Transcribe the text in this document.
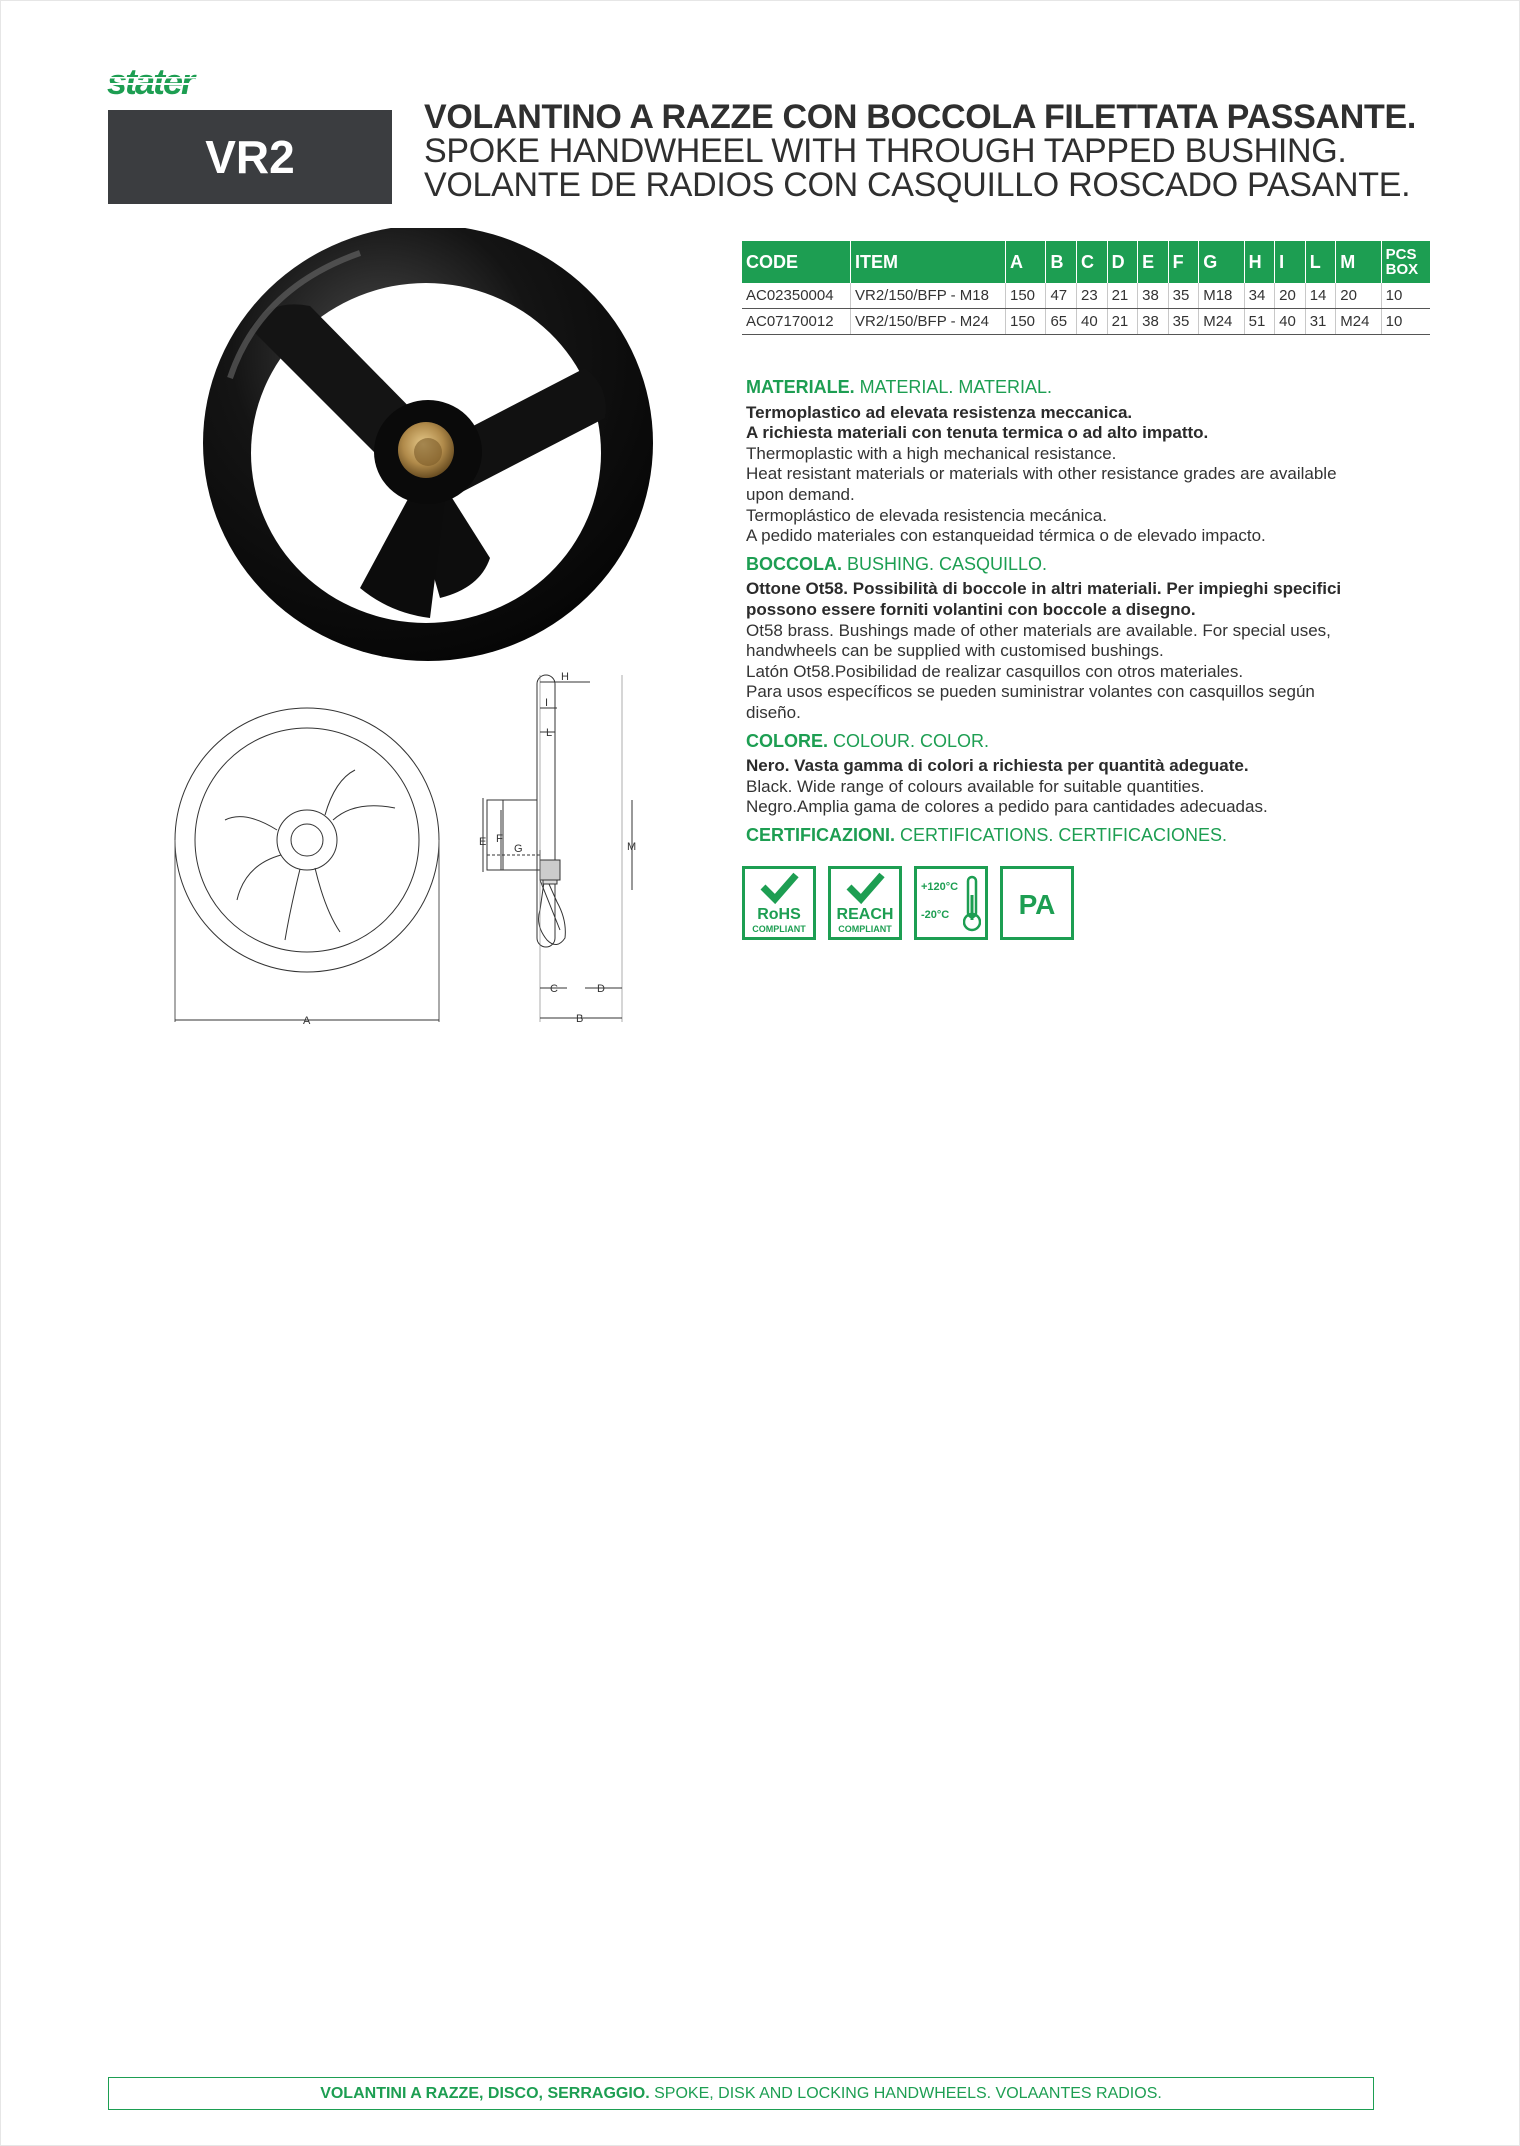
VR2
VOLANTINO A RAZZE CON BOCCOLA FILETTATA PASSANTE.
SPOKE HANDWHEEL WITH THROUGH TAPPED BUSHING.
VOLANTE DE RADIOS CON CASQUILLO ROSCADO PASANTE.
A	B
C	D
E F
G
H
I
L
M
CODE	ITEM	A	B	C	D	E	F	G	H	I	L	M	PCS
BOX
AC02350004	VR2/150/BFP - M18	150	47	23	21	38	35	M18	34	20	14	20	10
AC07170012	VR2/150/BFP - M24	150	65	40	21	38	35	M24	51	40	31	M24	10
MATERIALE. MATERIAL. MATERIAL.
Termoplastico ad elevata resistenza meccanica.
A richiesta materiali con tenuta termica o ad alto impatto.
Thermoplastic with a high mechanical resistance.
Heat resistant materials or materials with other resistance grades are available upon demand.
Termoplástico de elevada resistencia mecánica.
A pedido materiales con estanqueidad térmica o de elevado impacto.
BOCCOLA. BUSHING. CASQUILLO.
Ottone Ot58. Possibilità di boccole in altri materiali. Per impieghi specifici possono essere forniti volantini con boccole a disegno.
Ot58 brass. Bushings made of other materials are available. For special uses, handwheels can be supplied with customised bushings.
Latón Ot58.Posibilidad de realizar casquillos con otros materiales.
Para usos específicos se pueden suministrar volantes con casquillos según diseño.
COLORE. COLOUR. COLOR.
Nero. Vasta gamma di colori a richiesta per quantità adeguate.
Black. Wide range of colours available for suitable quantities.
Negro.Amplia gama de colores a pedido para cantidades adecuadas.
CERTIFICAZIONI. CERTIFICATIONS. CERTIFICACIONES.
RoHS
COMPLIANT
REACH
COMPLIANT
+120°C
-20°C	PA
VOLANTINI A RAZZE, DISCO, SERRAGGIO. SPOKE, DISK AND LOCKING HANDWHEELS. VOLAANTES RADIOS.
